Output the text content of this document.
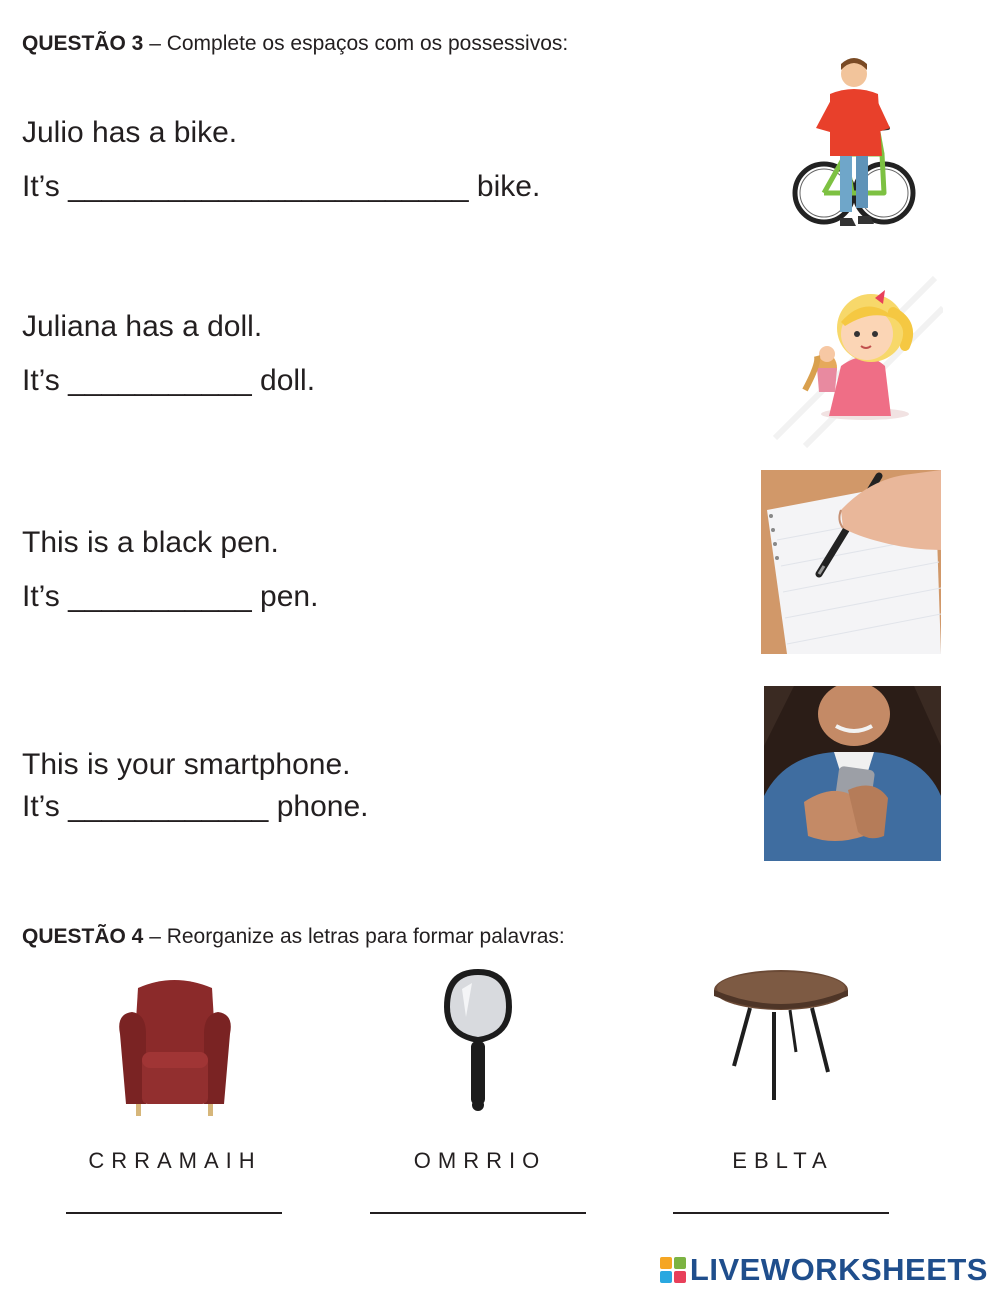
QUESTÃO 3 – Complete os espaços com os possessivos:
Julio has a bike.
It’s ________________________ bike.
Juliana has a doll.
It’s ___________ doll.
This is a black pen.
It’s ___________ pen.
This is your smartphone.
It’s ____________ phone.
QUESTÃO 4 – Reorganize as letras para formar palavras:
CRRAMAIH	OMRRIO	EBLTA
LIVEWORKSHEETS
